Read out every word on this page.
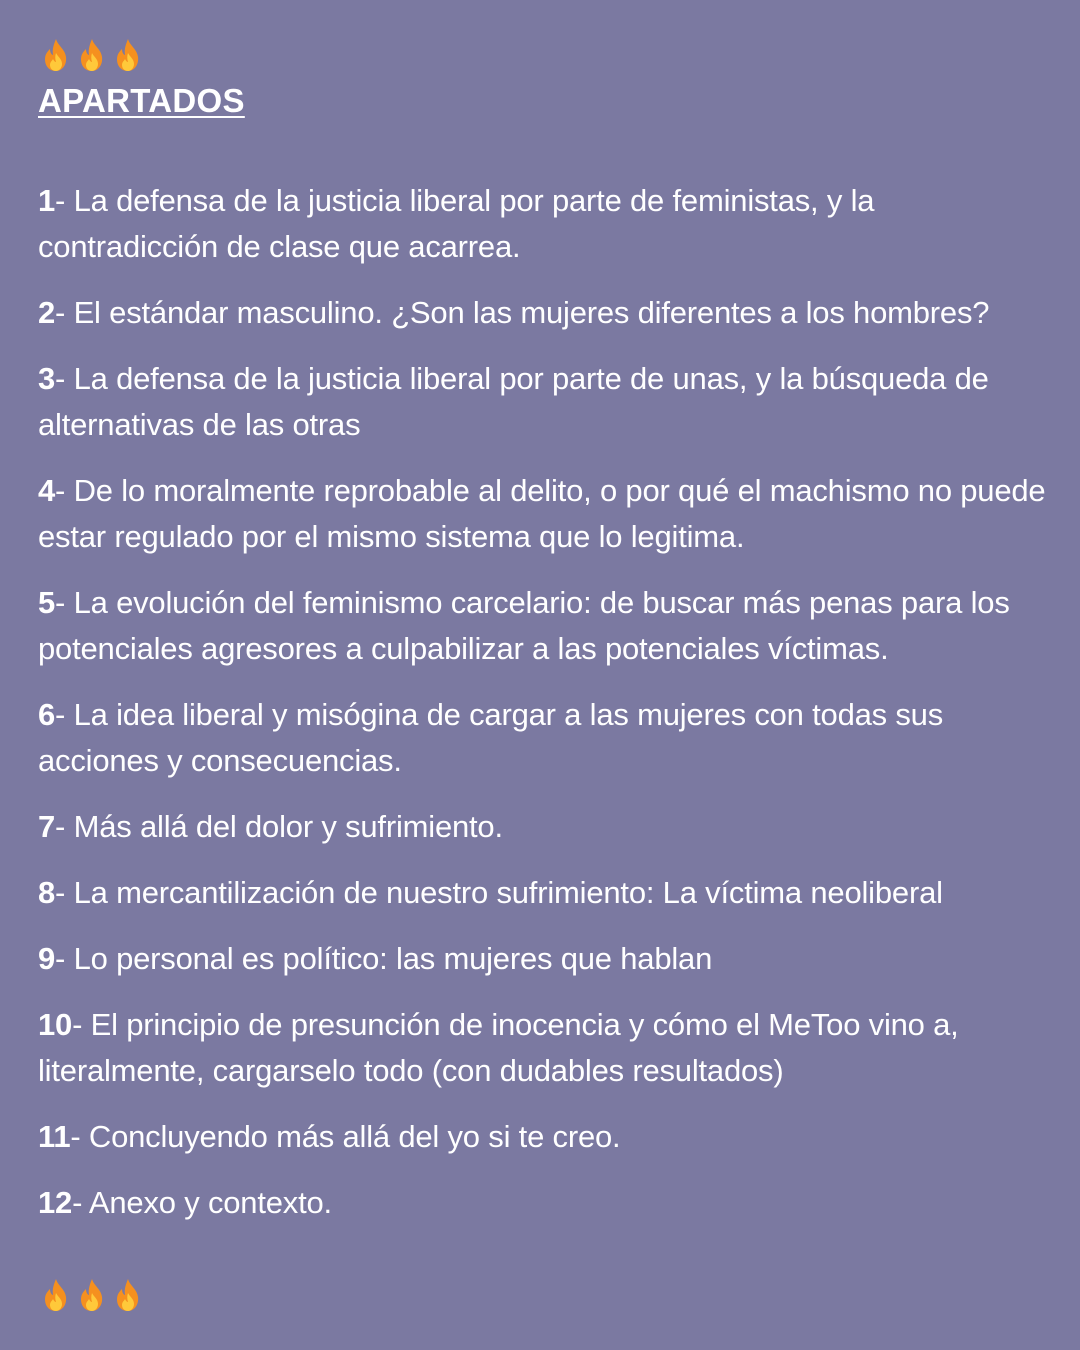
APARTADOS
1- La defensa de la justicia liberal por parte de feministas, y la contradicción de clase que acarrea.
2- El estándar masculino. ¿Son las mujeres diferentes a los hombres?
3- La defensa de la justicia liberal por parte de unas, y la búsqueda de alternativas de las otras
4- De lo moralmente reprobable al delito, o por qué el machismo no puede estar regulado por el mismo sistema que lo legitima.
5- La evolución del feminismo carcelario: de buscar más penas para los potenciales agresores a culpabilizar a las potenciales víctimas.
6- La idea liberal y misógina de cargar a las mujeres con todas sus acciones y consecuencias.
7- Más allá del dolor y sufrimiento.
8- La mercantilización de nuestro sufrimiento: La víctima neoliberal
9- Lo personal es político: las mujeres que hablan
10- El principio de presunción de inocencia y cómo el MeToo vino a, literalmente, cargarselo todo (con dudables resultados)
11- Concluyendo más allá del yo si te creo.
12- Anexo y contexto.
